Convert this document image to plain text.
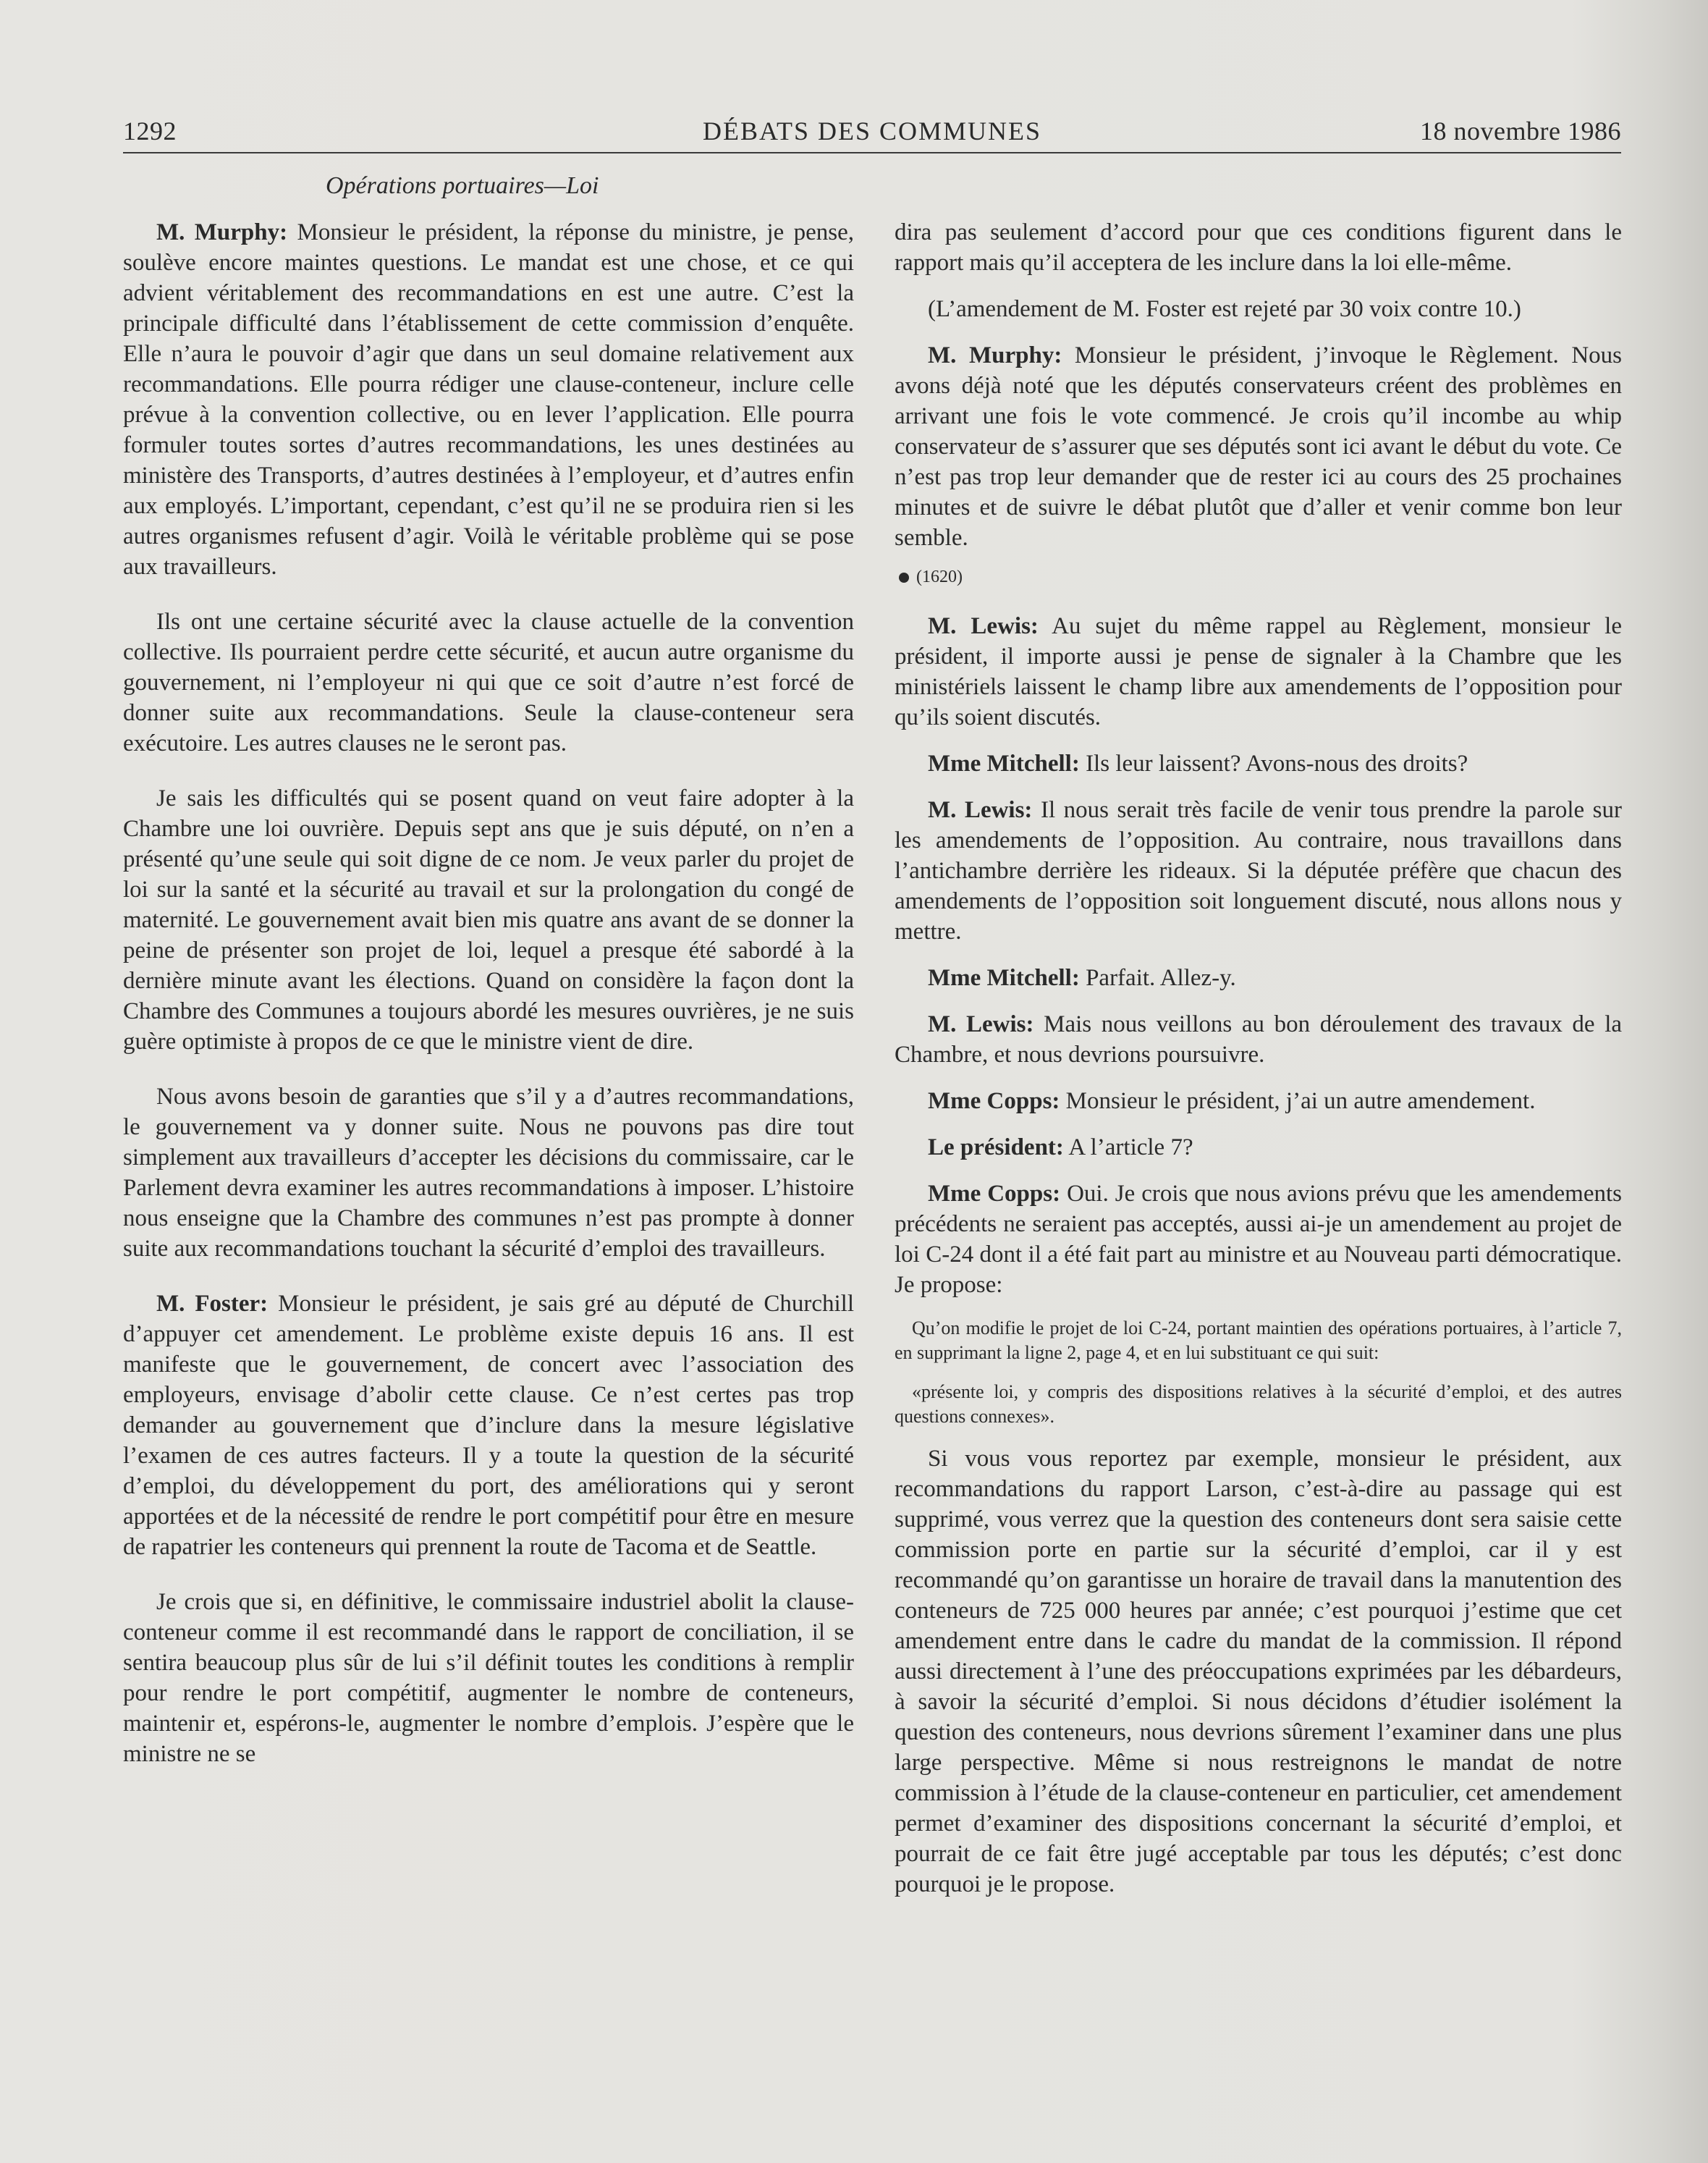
1292	DÉBATS DES COMMUNES	18 novembre 1986
Opérations portuaires—Loi

M. Murphy: Monsieur le président, la réponse du ministre, je pense, soulève encore maintes questions. Le mandat est une chose, et ce qui advient véritablement des recommandations en est une autre. C’est la principale difficulté dans l’établissement de cette commission d’enquête. Elle n’aura le pouvoir d’agir que dans un seul domaine relativement aux recommandations. Elle pourra rédiger une clause-conteneur, inclure celle prévue à la convention collective, ou en lever l’application. Elle pourra formuler toutes sortes d’autres recommandations, les unes destinées au ministère des Transports, d’autres destinées à l’employeur, et d’autres enfin aux employés. L’important, cependant, c’est qu’il ne se produira rien si les autres organismes refusent d’agir. Voilà le véritable problème qui se pose aux travailleurs.

Ils ont une certaine sécurité avec la clause actuelle de la convention collective. Ils pourraient perdre cette sécurité, et aucun autre organisme du gouvernement, ni l’employeur ni qui que ce soit d’autre n’est forcé de donner suite aux recommandations. Seule la clause-conteneur sera exécutoire. Les autres clauses ne le seront pas.

Je sais les difficultés qui se posent quand on veut faire adopter à la Chambre une loi ouvrière. Depuis sept ans que je suis député, on n’en a présenté qu’une seule qui soit digne de ce nom. Je veux parler du projet de loi sur la santé et la sécurité au travail et sur la prolongation du congé de maternité. Le gouvernement avait bien mis quatre ans avant de se donner la peine de présenter son projet de loi, lequel a presque été sabordé à la dernière minute avant les élections. Quand on considère la façon dont la Chambre des Communes a toujours abordé les mesures ouvrières, je ne suis guère optimiste à propos de ce que le ministre vient de dire.

Nous avons besoin de garanties que s’il y a d’autres recommandations, le gouvernement va y donner suite. Nous ne pouvons pas dire tout simplement aux travailleurs d’accepter les décisions du commissaire, car le Parlement devra examiner les autres recommandations à imposer. L’histoire nous enseigne que la Chambre des communes n’est pas prompte à donner suite aux recommandations touchant la sécurité d’emploi des travailleurs.

M. Foster: Monsieur le président, je sais gré au député de Churchill d’appuyer cet amendement. Le problème existe depuis 16 ans. Il est manifeste que le gouvernement, de concert avec l’association des employeurs, envisage d’abolir cette clause. Ce n’est certes pas trop demander au gouvernement que d’inclure dans la mesure législative l’examen de ces autres facteurs. Il y a toute la question de la sécurité d’emploi, du développement du port, des améliorations qui y seront apportées et de la nécessité de rendre le port compétitif pour être en mesure de rapatrier les conteneurs qui prennent la route de Tacoma et de Seattle.

Je crois que si, en définitive, le commissaire industriel abolit la clause-conteneur comme il est recommandé dans le rapport de conciliation, il se sentira beaucoup plus sûr de lui s’il définit toutes les conditions à remplir pour rendre le port compétitif, augmenter le nombre de conteneurs, maintenir et, espérons-le, augmenter le nombre d’emplois. J’espère que le ministre ne se

dira pas seulement d’accord pour que ces conditions figurent dans le rapport mais qu’il acceptera de les inclure dans la loi elle-même.

(L’amendement de M. Foster est rejeté par 30 voix contre 10.)

M. Murphy: Monsieur le président, j’invoque le Règlement. Nous avons déjà noté que les députés conservateurs créent des problèmes en arrivant une fois le vote commencé. Je crois qu’il incombe au whip conservateur de s’assurer que ses députés sont ici avant le début du vote. Ce n’est pas trop leur demander que de rester ici au cours des 25 prochaines minutes et de suivre le débat plutôt que d’aller et venir comme bon leur semble.

(1620)

M. Lewis: Au sujet du même rappel au Règlement, monsieur le président, il importe aussi je pense de signaler à la Chambre que les ministériels laissent le champ libre aux amendements de l’opposition pour qu’ils soient discutés.

Mme Mitchell: Ils leur laissent? Avons-nous des droits?

M. Lewis: Il nous serait très facile de venir tous prendre la parole sur les amendements de l’opposition. Au contraire, nous travaillons dans l’antichambre derrière les rideaux. Si la députée préfère que chacun des amendements de l’opposition soit longuement discuté, nous allons nous y mettre.

Mme Mitchell: Parfait. Allez-y.

M. Lewis: Mais nous veillons au bon déroulement des travaux de la Chambre, et nous devrions poursuivre.

Mme Copps: Monsieur le président, j’ai un autre amendement.

Le président: A l’article 7?

Mme Copps: Oui. Je crois que nous avions prévu que les amendements précédents ne seraient pas acceptés, aussi ai-je un amendement au projet de loi C-24 dont il a été fait part au ministre et au Nouveau parti démocratique. Je propose:

Qu’on modifie le projet de loi C-24, portant maintien des opérations portuaires, à l’article 7, en supprimant la ligne 2, page 4, et en lui substituant ce qui suit:

«présente loi, y compris des dispositions relatives à la sécurité d’emploi, et des autres questions connexes».

Si vous vous reportez par exemple, monsieur le président, aux recommandations du rapport Larson, c’est-à-dire au passage qui est supprimé, vous verrez que la question des conteneurs dont sera saisie cette commission porte en partie sur la sécurité d’emploi, car il y est recommandé qu’on garantisse un horaire de travail dans la manutention des conteneurs de 725 000 heures par année; c’est pourquoi j’estime que cet amendement entre dans le cadre du mandat de la commission. Il répond aussi directement à l’une des préoccupations exprimées par les débardeurs, à savoir la sécurité d’emploi. Si nous décidons d’étudier isolément la question des conteneurs, nous devrions sûrement l’examiner dans une plus large perspective. Même si nous restreignons le mandat de notre commission à l’étude de la clause-conteneur en particulier, cet amendement permet d’examiner des dispositions concernant la sécurité d’emploi, et pourrait de ce fait être jugé acceptable par tous les députés; c’est donc pourquoi je le propose.
